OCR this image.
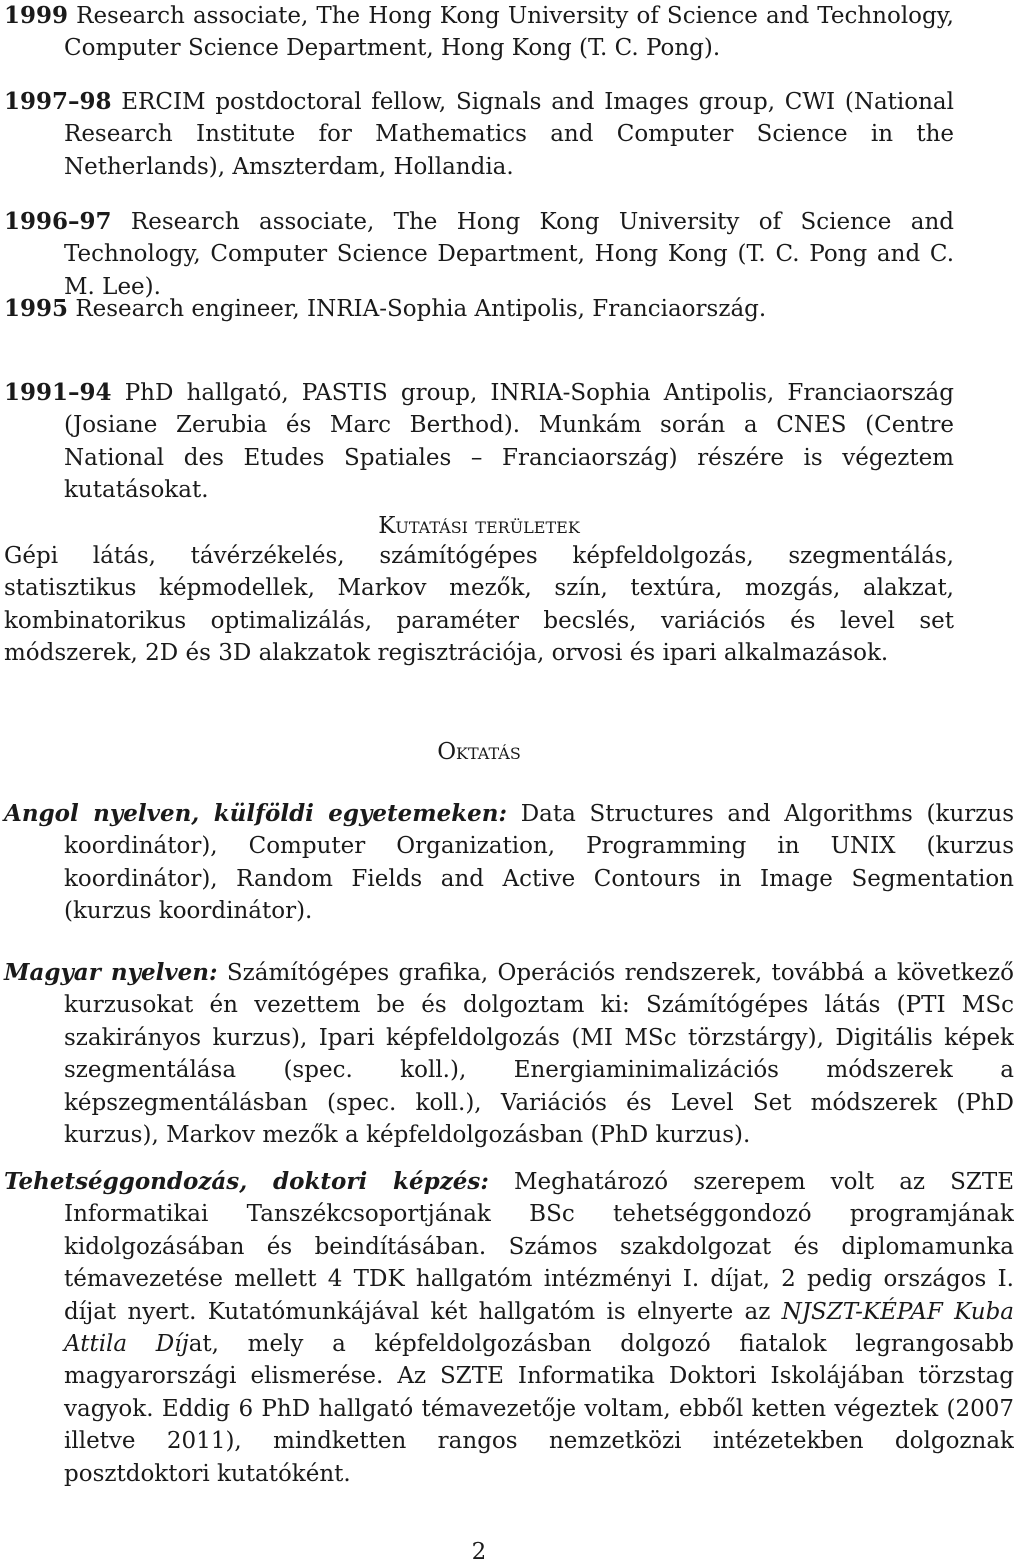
1999 Research associate, The Hong Kong University of Science and Technology, Computer Science Department, Hong Kong (T. C. Pong).

1997–98 ERCIM postdoctoral fellow, Signals and Images group, CWI (National Research Institute for Mathematics and Computer Science in the Netherlands), Amszterdam, Hollandia.

1996–97 Research associate, The Hong Kong University of Science and Technology, Computer Science Department, Hong Kong (T. C. Pong and C. M. Lee).

1995 Research engineer, INRIA-Sophia Antipolis, Franciaország.

1991–94 PhD hallgató, PASTIS group, INRIA-Sophia Antipolis, Franciaország (Josiane Zerubia és Marc Berthod). Munkám során a CNES (Centre National des Etudes Spatiales – Franciaország) részére is végeztem kutatásokat.

Kutatási területek

Gépi látás, távérzékelés, számítógépes képfeldolgozás, szegmentálás, statisztikus képmodellek, Markov mezők, szín, textúra, mozgás, alakzat, kombinatorikus optimalizálás, paraméter becslés, variációs és level set módszerek, 2D és 3D alakzatok regisztrációja, orvosi és ipari alkalmazások.

Oktatás

Angol nyelven, külföldi egyetemeken: Data Structures and Algorithms (kurzus koordinátor), Computer Organization, Programming in UNIX (kurzus koordinátor), Random Fields and Active Contours in Image Segmentation (kurzus koordinátor).

Magyar nyelven: Számítógépes grafika, Operációs rendszerek, továbbá a következő kurzusokat én vezettem be és dolgoztam ki: Számítógépes látás (PTI MSc szakirányos kurzus), Ipari képfeldolgozás (MI MSc törzstárgy), Digitális képek szegmentálása (spec. koll.), Energiaminimalizációs módszerek a képszegmentálásban (spec. koll.), Variációs és Level Set módszerek (PhD kurzus), Markov mezők a képfeldolgozásban (PhD kurzus).

Tehetséggondozás, doktori képzés: Meghatározó szerepem volt az SZTE Informatikai Tanszékcsoportjának BSc tehetséggondozó programjának kidolgozásában és beindításában. Számos szakdolgozat és diplomamunka témavezetése mellett 4 TDK hallgatóm intézményi I. díjat, 2 pedig országos I. díjat nyert. Kutatómunkájával két hallgatóm is elnyerte az NJSZT-KÉPAF Kuba Attila Díjat, mely a képfeldolgozásban dolgozó fiatalok legrangosabb magyarországi elismerése. Az SZTE Informatika Doktori Iskolájában törzstag vagyok. Eddig 6 PhD hallgató témavezetője voltam, ebből ketten végeztek (2007 illetve 2011), mindketten rangos nemzetközi intézetekben dolgoznak posztdoktori kutatóként.

2
